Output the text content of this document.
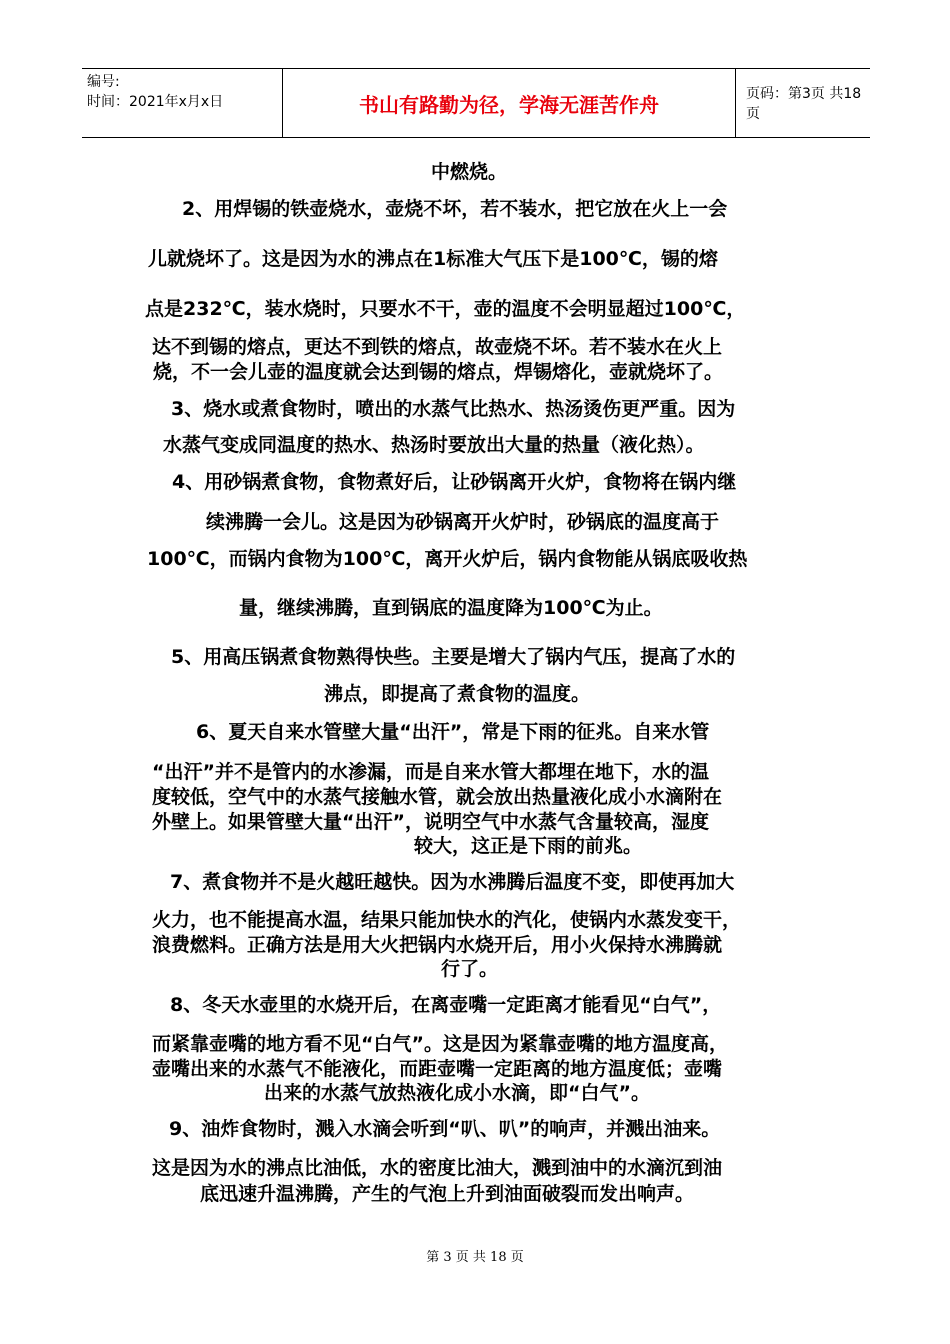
编号:
时间：2021年x月x日	书山有路勤为径，学海无涯苦作舟	页码：第3页 共18页
中燃烧。
2、用焊锡的铁壶烧水，壶烧不坏，若不装水，把它放在火上一会
儿就烧坏了。这是因为水的沸点在1标准大气压下是100℃，锡的熔
点是232℃，装水烧时，只要水不干，壶的温度不会明显超过100℃，
达不到锡的熔点，更达不到铁的熔点，故壶烧不坏。若不装水在火上
烧，不一会儿壶的温度就会达到锡的熔点，焊锡熔化，壶就烧坏了。
3、烧水或煮食物时，喷出的水蒸气比热水、热汤烫伤更严重。因为
水蒸气变成同温度的热水、热汤时要放出大量的热量（液化热）。
4、用砂锅煮食物，食物煮好后，让砂锅离开火炉，食物将在锅内继
续沸腾一会儿。这是因为砂锅离开火炉时，砂锅底的温度高于
100℃，而锅内食物为100℃，离开火炉后，锅内食物能从锅底吸收热
量，继续沸腾，直到锅底的温度降为100℃为止。
5、用高压锅煮食物熟得快些。主要是增大了锅内气压，提高了水的
沸点，即提高了煮食物的温度。
6、夏天自来水管壁大量“出汗”，常是下雨的征兆。自来水管
“出汗”并不是管内的水渗漏，而是自来水管大都埋在地下，水的温
度较低，空气中的水蒸气接触水管，就会放出热量液化成小水滴附在
外壁上。如果管壁大量“出汗”，说明空气中水蒸气含量较高，湿度
较大，这正是下雨的前兆。
7、煮食物并不是火越旺越快。因为水沸腾后温度不变，即使再加大
火力，也不能提高水温，结果只能加快水的汽化，使锅内水蒸发变干，
浪费燃料。正确方法是用大火把锅内水烧开后，用小火保持水沸腾就
行了。
8、冬天水壶里的水烧开后，在离壶嘴一定距离才能看见“白气”，
而紧靠壶嘴的地方看不见“白气”。这是因为紧靠壶嘴的地方温度高，
壶嘴出来的水蒸气不能液化，而距壶嘴一定距离的地方温度低；壶嘴
出来的水蒸气放热液化成小水滴，即“白气”。
9、油炸食物时，溅入水滴会听到“叭、叭”的响声，并溅出油来。
这是因为水的沸点比油低，水的密度比油大，溅到油中的水滴沉到油
底迅速升温沸腾，产生的气泡上升到油面破裂而发出响声。
第 3 页 共 18 页
